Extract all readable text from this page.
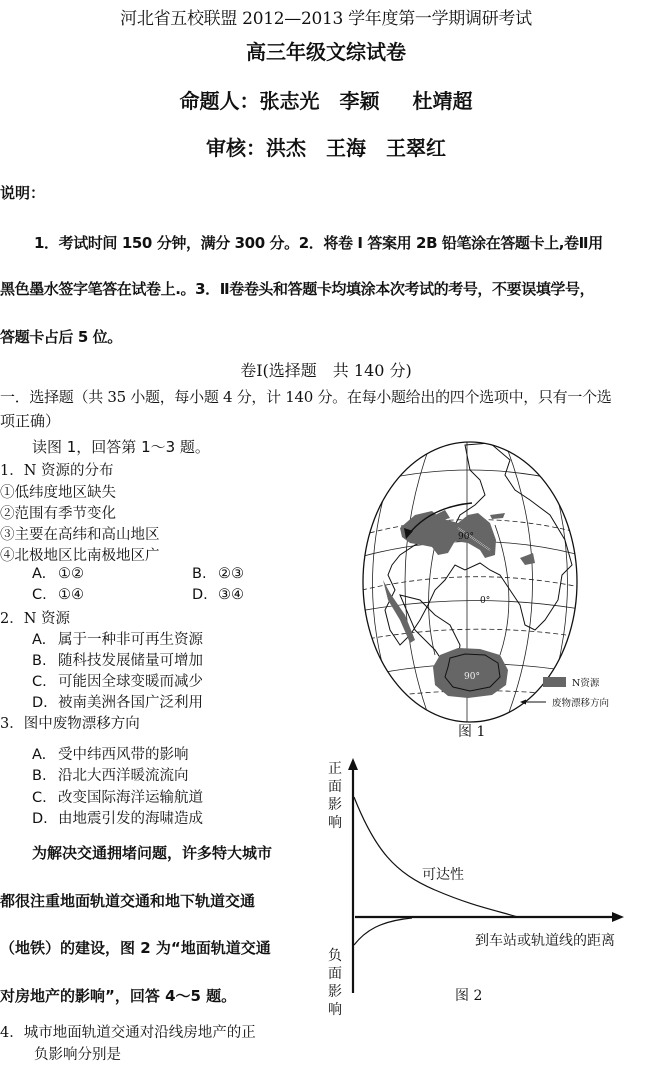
河北省五校联盟 2012—2013 学年度第一学期调研考试
高三年级文综试卷
命题人：张志光　李颖　 杜靖超
审核：洪杰　王海　王翠红
说明：
1．考试时间 150 分钟，满分 300 分。2．将卷 I 答案用 2B 铅笔涂在答题卡上,卷Ⅱ用
黑色墨水签字笔答在试卷上.。3．Ⅱ卷卷头和答题卡均填涂本次考试的考号，不要误填学号，
答题卡占后 5 位。
卷Ⅰ(选择题　共 140 分)
一．选择题（共 35 小题，每小题 4 分，计 140 分。在每小题给出的四个选项中，只有一个选
项正确）
读图 1，回答第 1～3 题。
1．N 资源的分布
①低纬度地区缺失
②范围有季节变化
③主要在高纬和高山地区
④北极地区比南极地区广
A. ①②	B. ②③
C. ①④	D. ③④
2．N 资源
A. 属于一种非可再生资源
B. 随科技发展储量可增加
C. 可能因全球变暖而减少
D. 被南美洲各国广泛利用
3．图中废物漂移方向
A. 受中纬西风带的影响
B. 沿北大西洋暖流流向
C. 改变国际海洋运输航道
D. 由地震引发的海啸造成
为解决交通拥堵问题，许多特大城市
都很注重地面轨道交通和地下轨道交通
（地铁）的建设，图 2 为“地面轨道交通
对房地产的影响”，回答 4～5 题。
4．城市地面轨道交通对沿线房地产的正
负影响分别是
90°
0°
90°
N资源
废物漂移方向
图 1
可达性
到车站或轨道线的距离
正
面
影
响
负
面
影
响
图 2
